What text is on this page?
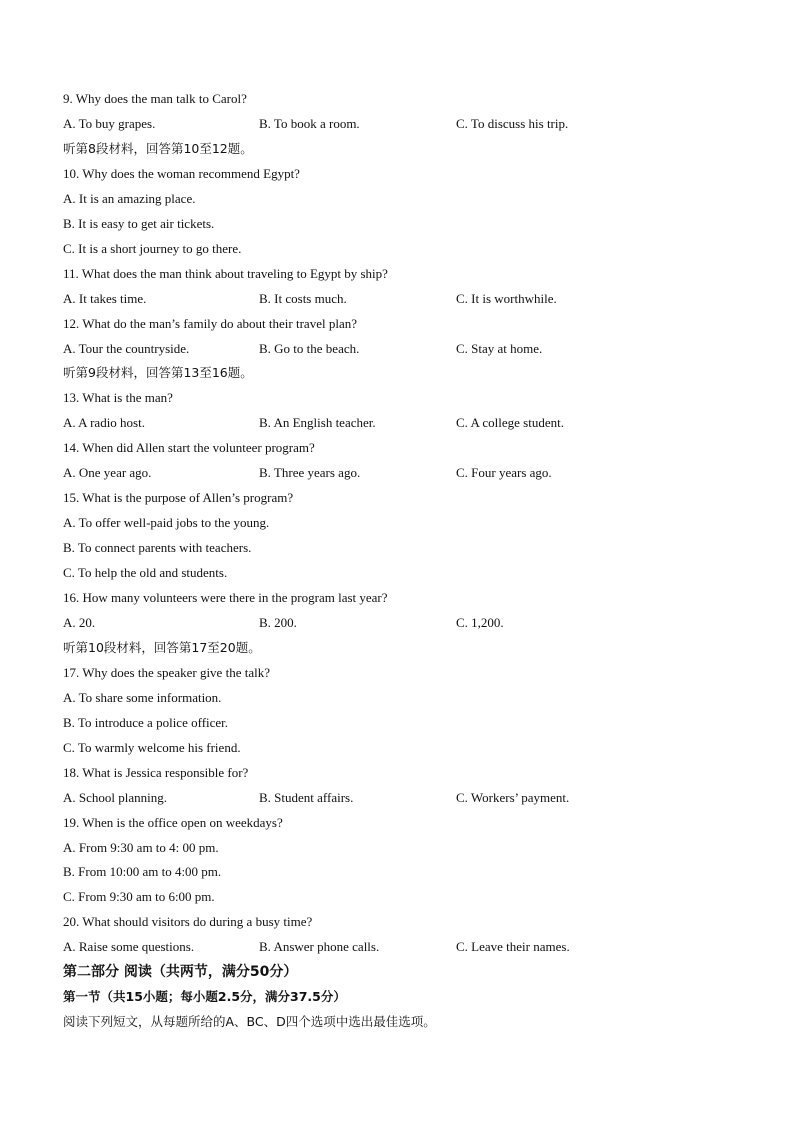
9. Why does the man talk to Carol?
A. To buy grapes.	B. To book a room.	C. To discuss his trip.
听第8段材料，回答第10至12题。
10. Why does the woman recommend Egypt?
A. It is an amazing place.
B. It is easy to get air tickets.
C. It is a short journey to go there.
11. What does the man think about traveling to Egypt by ship?
A. It takes time.	B. It costs much.	C. It is worthwhile.
12. What do the man’s family do about their travel plan?
A. Tour the countryside.	B. Go to the beach.	C. Stay at home.
听第9段材料，回答第13至16题。
13. What is the man?
A. A radio host.	B. An English teacher.	C. A college student.
14. When did Allen start the volunteer program?
A. One year ago.	B. Three years ago.	C. Four years ago.
15. What is the purpose of Allen’s program?
A. To offer well-paid jobs to the young.
B. To connect parents with teachers.
C. To help the old and students.
16. How many volunteers were there in the program last year?
A. 20.	B. 200.	C. 1,200.
听第10段材料，回答第17至20题。
17. Why does the speaker give the talk?
A. To share some information.
B. To introduce a police officer.
C. To warmly welcome his friend.
18. What is Jessica responsible for?
A. School planning.	B. Student affairs.	C. Workers’ payment.
19. When is the office open on weekdays?
A. From 9:30 am to 4: 00 pm.
B. From 10:00 am to 4:00 pm.
C. From 9:30 am to 6:00 pm.
20. What should visitors do during a busy time?
A. Raise some questions.	B. Answer phone calls.	C. Leave their names.
第二部分 阅读（共两节，满分50分）
第一节（共15小题；每小题2.5分，满分37.5分）
阅读下列短文，从每题所给的A、BC、D四个选项中选出最佳选项。
